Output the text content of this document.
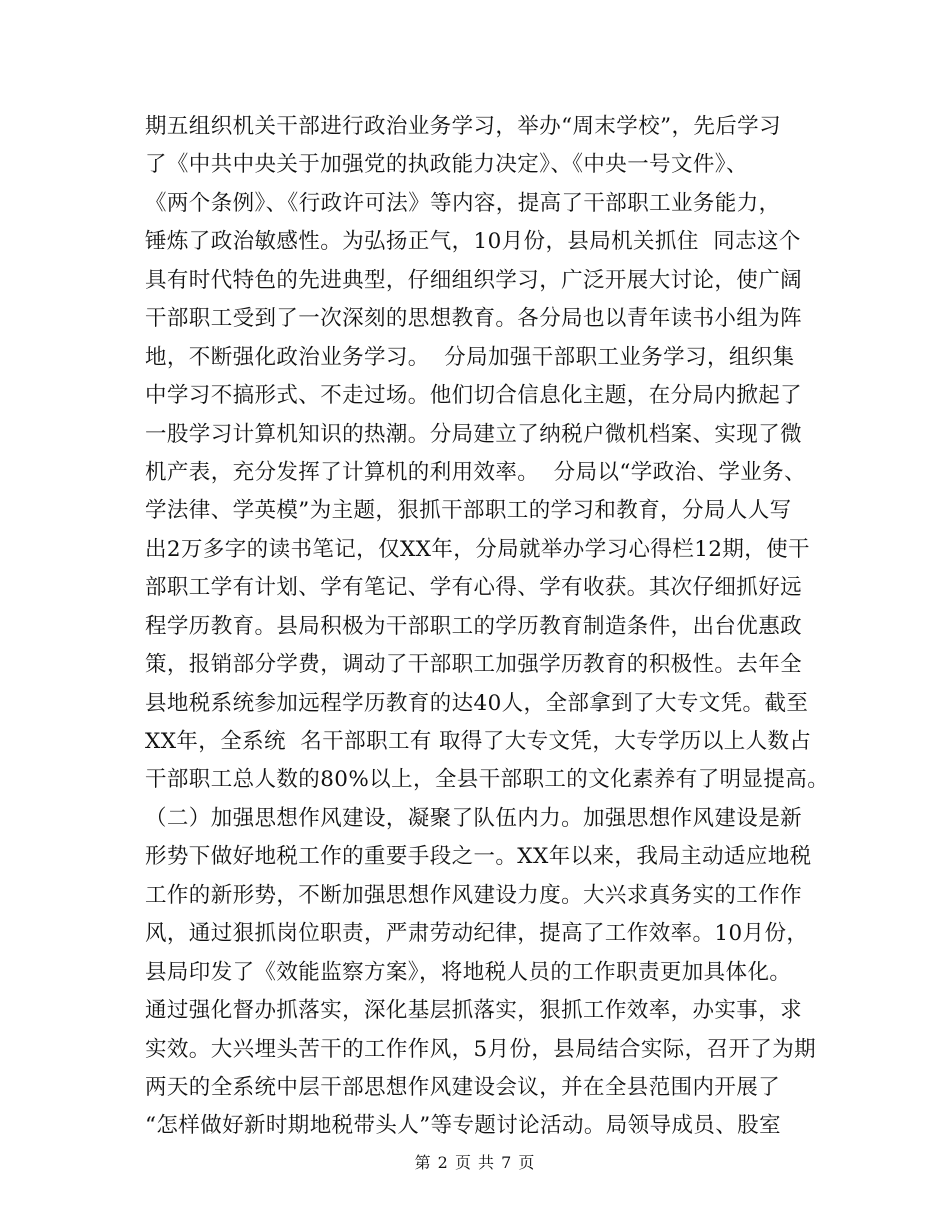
期五组织机关干部进行政治业务学习，举办“周末学校”，先后学习
了《中共中央关于加强党的执政能力决定》、《中央一号文件》、
《两个条例》、《行政许可法》等内容，提高了干部职工业务能力，
锤炼了政治敏感性。为弘扬正气，10月份，县局机关抓住  同志这个
具有时代特色的先进典型，仔细组织学习，广泛开展大讨论，使广阔
干部职工受到了一次深刻的思想教育。各分局也以青年读书小组为阵
地，不断强化政治业务学习。  分局加强干部职工业务学习，组织集
中学习不搞形式、不走过场。他们切合信息化主题，在分局内掀起了
一股学习计算机知识的热潮。分局建立了纳税户微机档案、实现了微
机产表，充分发挥了计算机的利用效率。  分局以“学政治、学业务、
学法律、学英模”为主题，狠抓干部职工的学习和教育，分局人人写
出2万多字的读书笔记，仅XX年，分局就举办学习心得栏12期，使干
部职工学有计划、学有笔记、学有心得、学有收获。其次仔细抓好远
程学历教育。县局积极为干部职工的学历教育制造条件，出台优惠政
策，报销部分学费，调动了干部职工加强学历教育的积极性。去年全
县地税系统参加远程学历教育的达40人，全部拿到了大专文凭。截至
XX年，全系统  名干部职工有 取得了大专文凭，大专学历以上人数占
干部职工总人数的80%以上，全县干部职工的文化素养有了明显提高。
（二）加强思想作风建设，凝聚了队伍内力。加强思想作风建设是新
形势下做好地税工作的重要手段之一。XX年以来，我局主动适应地税
工作的新形势，不断加强思想作风建设力度。大兴求真务实的工作作
风，通过狠抓岗位职责，严肃劳动纪律，提高了工作效率。10月份，
县局印发了《效能监察方案》，将地税人员的工作职责更加具体化。
通过强化督办抓落实，深化基层抓落实，狠抓工作效率，办实事，求
实效。大兴埋头苦干的工作作风，5月份，县局结合实际，召开了为期
两天的全系统中层干部思想作风建设会议，并在全县范围内开展了
“怎样做好新时期地税带头人”等专题讨论活动。局领导成员、股室
第 2 页 共 7 页
